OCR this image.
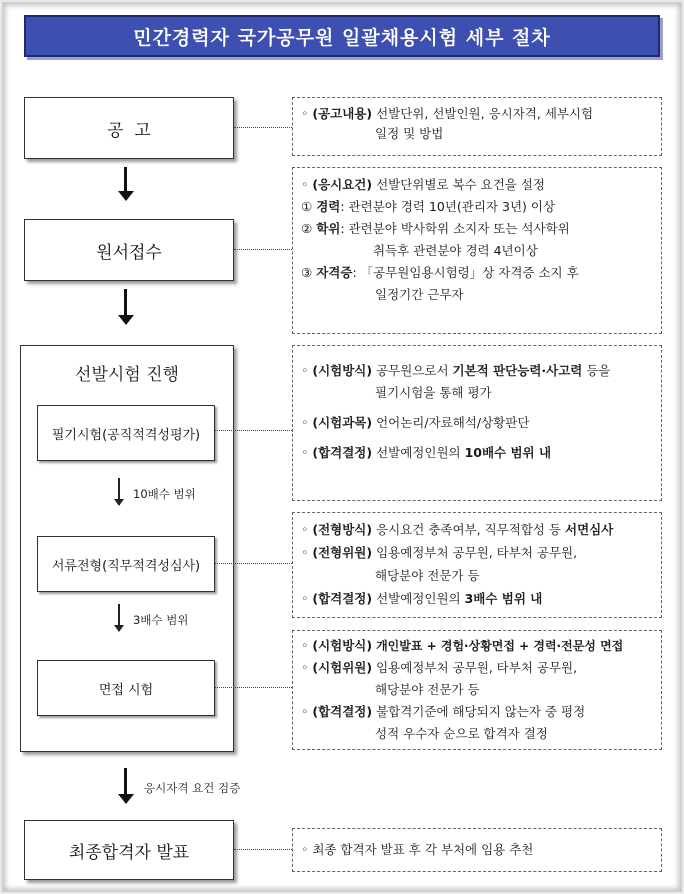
민간경력자 국가공무원 일괄채용시험 세부 절차
공  고
◦ (공고내용) 선발단위, 선발인원, 응시자격, 세부시험
일정 및 방법
원서접수
◦ (응시요건) 선발단위별로 복수 요건을 설정
① 경력: 관련분야 경력 10년(관리자 3년) 이상
② 학위: 관련분야 박사학위 소지자 또는 석사학위
취득후 관련분야 경력 4년이상
③ 자격증: 「공무원임용시험령」상 자격증 소지 후
일정기간 근무자
선발시험 진행
필기시험(공직적격성평가)
10배수 범위
서류전형(직무적격성심사)
3배수 범위
면접 시험
◦ (시험방식) 공무원으로서 기본적 판단능력·사고력 등을
필기시험을 통해 평가
◦ (시험과목) 언어논리/자료해석/상황판단
◦ (합격결정) 선발예정인원의 10배수 범위 내
◦ (전형방식) 응시요건 충족여부, 직무적합성 등 서면심사
◦ (전형위원) 임용예정부처 공무원, 타부처 공무원,
해당분야 전문가 등
◦ (합격결정) 선발예정인원의 3배수 범위 내
◦ (시험방식) 개인발표 + 경험·상황면접 + 경력·전문성 면접
◦ (시험위원) 임용예정부처 공무원, 타부처 공무원,
해당분야 전문가 등
◦ (합격결정) 불합격기준에 해당되지 않는자 중 평정
성적 우수자 순으로 합격자 결정
응시자격 요건 검증
최종합격자 발표	◦ 최종 합격자 발표 후 각 부처에 임용 추천
